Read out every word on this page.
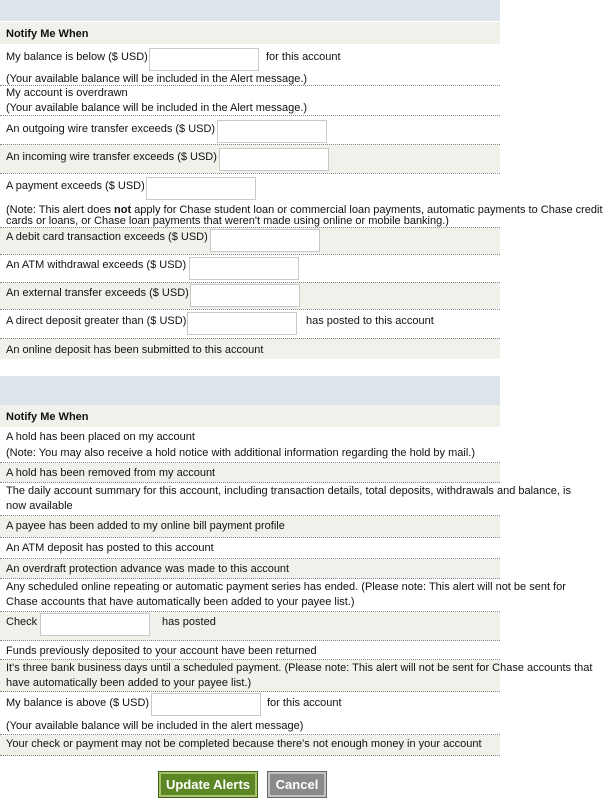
Notify Me When
My balance is below ($ USD)	for this account
(Your available balance will be included in the Alert message.)
My account is overdrawn
(Your available balance will be included in the Alert message.)
An outgoing wire transfer exceeds ($ USD)
An incoming wire transfer exceeds ($ USD)
A payment exceeds ($ USD)
(Note: This alert does not apply for Chase student loan or commercial loan payments, automatic payments to Chase credit
cards or loans, or Chase loan payments that weren't made using online or mobile banking.)
A debit card transaction exceeds ($ USD)
An ATM withdrawal exceeds ($ USD)
An external transfer exceeds ($ USD)
A direct deposit greater than ($ USD)	has posted to this account
An online deposit has been submitted to this account
Notify Me When
A hold has been placed on my account
(Note: You may also receive a hold notice with additional information regarding the hold by mail.)
A hold has been removed from my account
The daily account summary for this account, including transaction details, total deposits, withdrawals and balance, is
now available
A payee has been added to my online bill payment profile
An ATM deposit has posted to this account
An overdraft protection advance was made to this account
Any scheduled online repeating or automatic payment series has ended. (Please note: This alert will not be sent for
Chase accounts that have automatically been added to your payee list.)
Check	has posted
Funds previously deposited to your account have been returned
It's three bank business days until a scheduled payment. (Please note: This alert will not be sent for Chase accounts that
have automatically been added to your payee list.)
My balance is above ($ USD)	for this account
(Your available balance will be included in the alert message)
Your check or payment may not be completed because there's not enough money in your account
Update Alerts	Cancel
